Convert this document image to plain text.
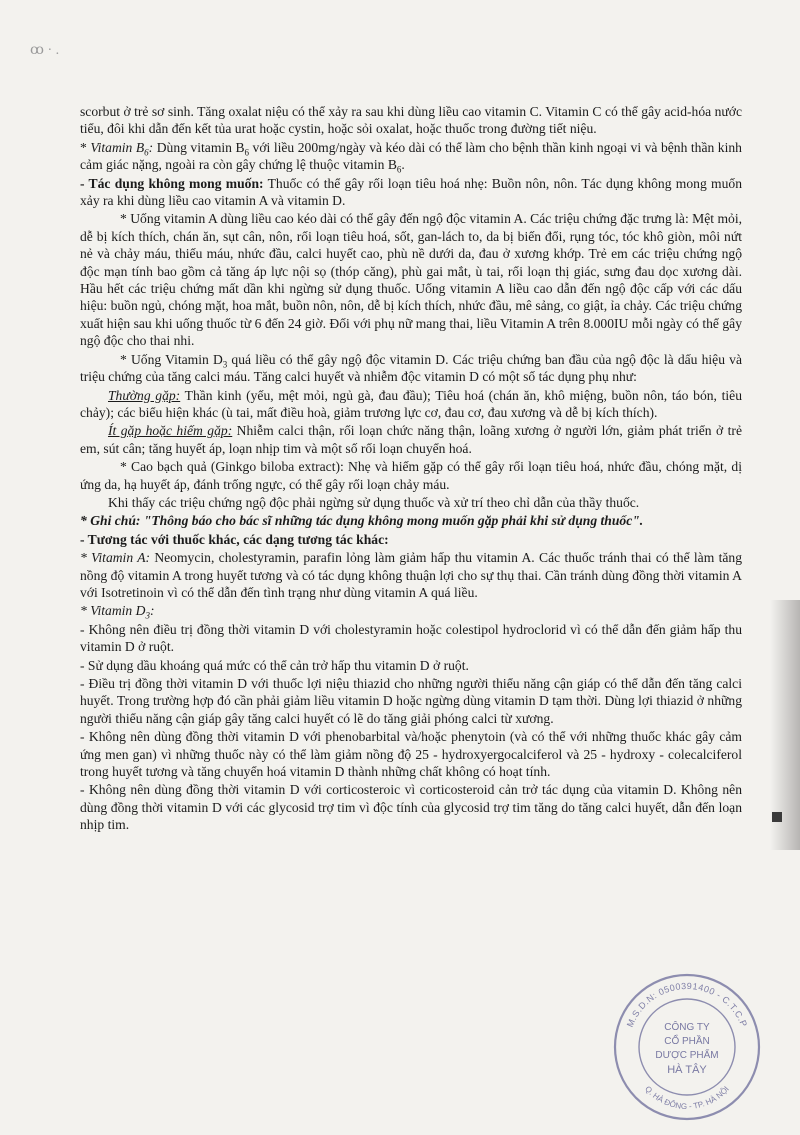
ꝏ · .

scorbut ở trẻ sơ sinh. Tăng oxalat niệu có thể xảy ra sau khi dùng liều cao vitamin C. Vitamin C có thể gây acid-hóa nước tiểu, đôi khi dẫn đến kết tủa urat hoặc cystin, hoặc sỏi oxalat, hoặc thuốc trong đường tiết niệu.

* Vitamin $B_6$: Dùng vitamin $B_6$ với liều 200mg/ngày và kéo dài có thể làm cho bệnh thần kinh ngoại vi và bệnh thần kinh cảm giác nặng, ngoài ra còn gây chứng lệ thuộc vitamin $B_6$.

- Tác dụng không mong muốn: Thuốc có thể gây rối loạn tiêu hoá nhẹ: Buồn nôn, nôn. Tác dụng không mong muốn xảy ra khi dùng liều cao vitamin A và vitamin D.

* Uống vitamin A dùng liều cao kéo dài có thể gây đến ngộ độc vitamin A. Các triệu chứng đặc trưng là: Mệt mỏi, dễ bị kích thích, chán ăn, sụt cân, nôn, rối loạn tiêu hoá, sốt, gan-lách to, da bị biến đổi, rụng tóc, tóc khô giòn, môi nứt nẻ và chảy máu, thiếu máu, nhức đầu, calci huyết cao, phù nề dưới da, đau ở xương khớp. Trẻ em các triệu chứng ngộ độc mạn tính bao gồm cả tăng áp lực nội sọ (thóp căng), phù gai mắt, ù tai, rối loạn thị giác, sưng đau dọc xương dài. Hầu hết các triệu chứng mất dần khi ngừng sử dụng thuốc. Uống vitamin A liều cao dẫn đến ngộ độc cấp với các dấu hiệu: buồn ngủ, chóng mặt, hoa mắt, buồn nôn, nôn, dễ bị kích thích, nhức đầu, mê sảng, co giật, ỉa chảy. Các triệu chứng xuất hiện sau khi uống thuốc từ 6 đến 24 giờ. Đối với phụ nữ mang thai, liều Vitamin A trên 8.000IU mỗi ngày có thể gây ngộ độc cho thai nhi.

* Uống Vitamin $D_3$ quá liều có thể gây ngộ độc vitamin D. Các triệu chứng ban đầu của ngộ độc là dấu hiệu và triệu chứng của tăng calci máu. Tăng calci huyết và nhiễm độc vitamin D có một số tác dụng phụ như:

Thường gặp: Thần kinh (yếu, mệt mỏi, ngủ gà, đau đầu); Tiêu hoá (chán ăn, khô miệng, buồn nôn, táo bón, tiêu chảy); các biểu hiện khác (ù tai, mất điều hoà, giảm trương lực cơ, đau cơ, đau xương và dễ bị kích thích).

Ít gặp hoặc hiếm gặp: Nhiễm calci thận, rối loạn chức năng thận, loãng xương ở người lớn, giảm phát triển ở trẻ em, sút cân; tăng huyết áp, loạn nhịp tim và một số rối loạn chuyển hoá.

* Cao bạch quả (Ginkgo biloba extract): Nhẹ và hiếm gặp có thể gây rối loạn tiêu hoá, nhức đầu, chóng mặt, dị ứng da, hạ huyết áp, đánh trống ngực, có thể gây rối loạn chảy máu.

Khi thấy các triệu chứng ngộ độc phải ngừng sử dụng thuốc và xử trí theo chỉ dẫn của thầy thuốc.

* Ghi chú: "Thông báo cho bác sĩ những tác dụng không mong muốn gặp phải khi sử dụng thuốc".

- Tương tác với thuốc khác, các dạng tương tác khác:

* Vitamin A: Neomycin, cholestyramin, parafin lỏng làm giảm hấp thu vitamin A. Các thuốc tránh thai có thể làm tăng nồng độ vitamin A trong huyết tương và có tác dụng không thuận lợi cho sự thụ thai. Cần tránh dùng đồng thời vitamin A với Isotretinoin vì có thể dẫn đến tình trạng như dùng vitamin A quá liều.

* Vitamin $D_3$:

- Không nên điều trị đồng thời vitamin D với cholestyramin hoặc colestipol hydroclorid vì có thể dẫn đến giảm hấp thu vitamin D ở ruột.

- Sử dụng dầu khoáng quá mức có thể cản trở hấp thu vitamin D ở ruột.

- Điều trị đồng thời vitamin D với thuốc lợi niệu thiazid cho những người thiểu năng cận giáp có thể dẫn đến tăng calci huyết. Trong trường hợp đó cần phải giảm liều vitamin D hoặc ngừng dùng vitamin D tạm thời. Dùng lợi thiazid ở những người thiểu năng cận giáp gây tăng calci huyết có lẽ do tăng giải phóng calci từ xương.

- Không nên dùng đồng thời vitamin D với phenobarbital và/hoặc phenytoin (và có thể với những thuốc khác gây cảm ứng men gan) vì những thuốc này có thể làm giảm nồng độ 25 - hydroxyergocalciferol và 25 - hydroxy - colecalciferol trong huyết tương và tăng chuyển hoá vitamin D thành những chất không có hoạt tính.

- Không nên dùng đồng thời vitamin D với corticosteroic vì corticosteroid cản trở tác dụng của vitamin D. Không nên dùng đồng thời vitamin D với các glycosid trợ tim vì độc tính của glycosid trợ tim tăng do tăng calci huyết, dẫn đến loạn nhịp tim.

M.S.D.N: 0500391400 - C.T.C.P
Q. HÀ ĐÔNG - TP. HÀ NỘI
CÔNG TY
CỔ PHẦN
DƯỢC PHẨM
HÀ TÂY
